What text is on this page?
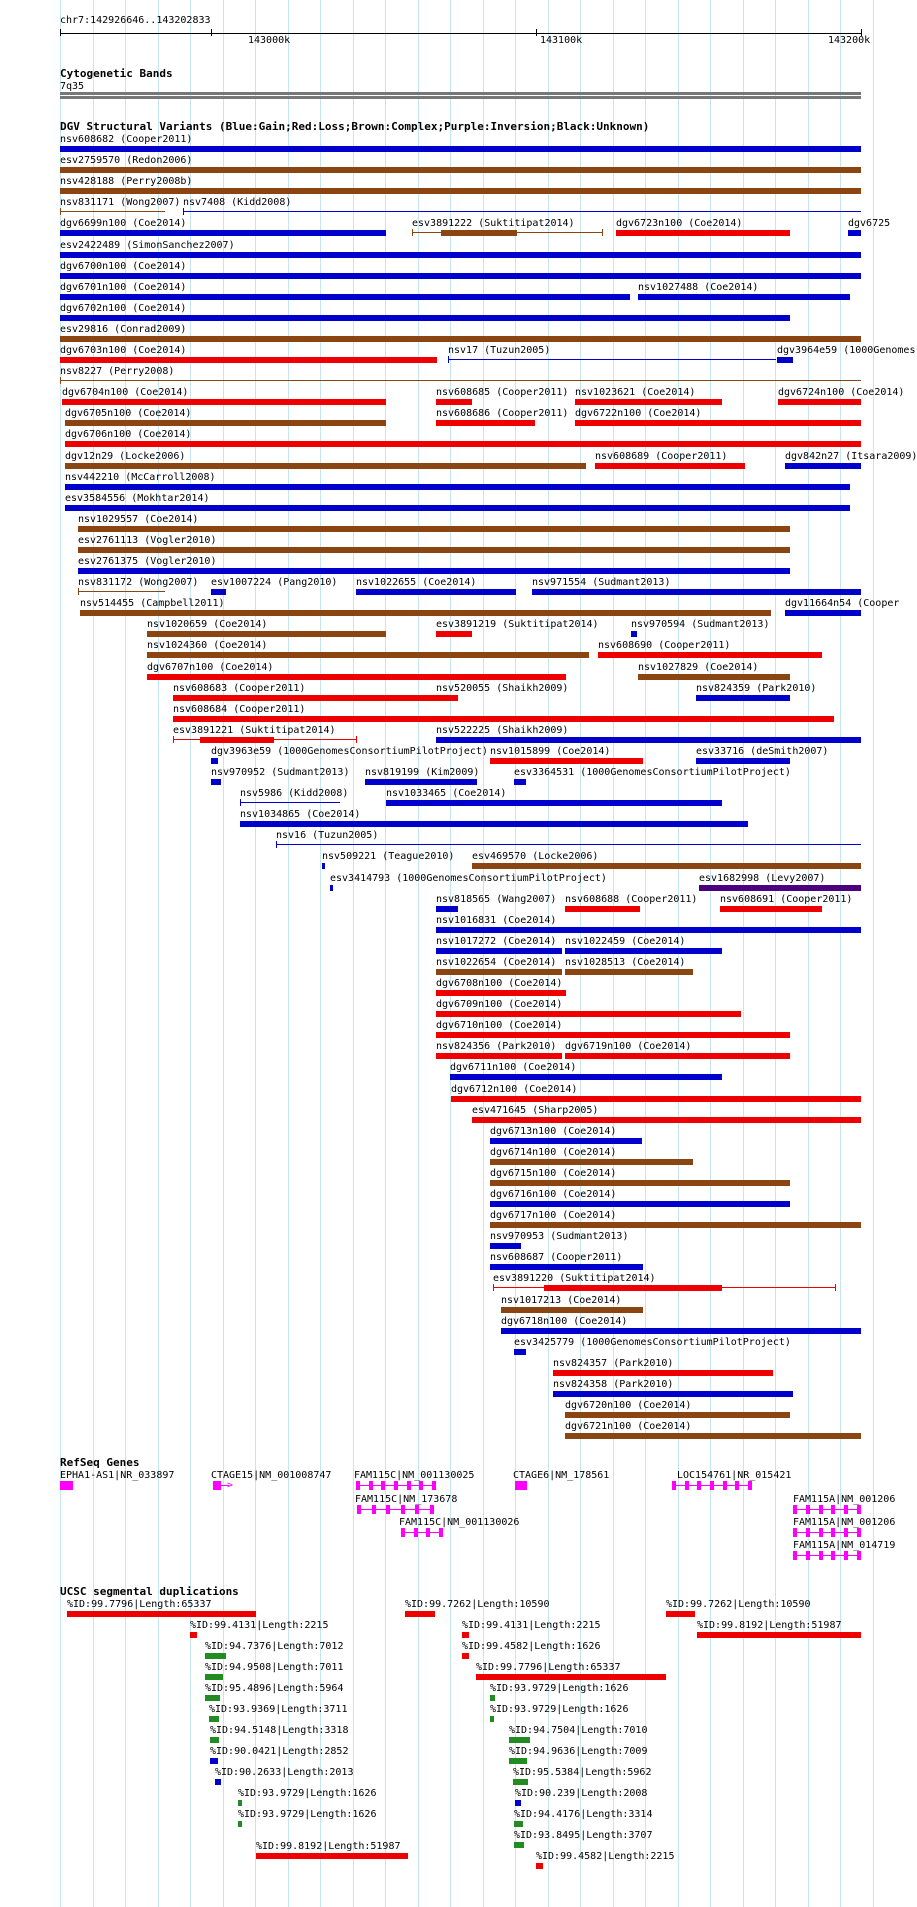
chr7:142926646..143202833
143000k	143100k	143200k
Cytogenetic Bands
7q35
DGV Structural Variants (Blue:Gain;Red:Loss;Brown:Complex;Purple:Inversion;Black:Unknown)
nsv608682 (Cooper2011)
esv2759570 (Redon2006)
nsv428188 (Perry2008b)
nsv831171 (Wong2007) nsv7408 (Kidd2008)
dgv6699n100 (Coe2014)	esv3891222 (Suktitipat2014)	dgv6723n100 (Coe2014)	dgv6725
esv2422489 (SimonSanchez2007)
dgv6700n100 (Coe2014)
dgv6701n100 (Coe2014)	nsv1027488 (Coe2014)
dgv6702n100 (Coe2014)
esv29816 (Conrad2009)
dgv6703n100 (Coe2014)	nsv17 (Tuzun2005)	dgv3964e59 (1000Genomes
nsv8227 (Perry2008)
dgv6704n100 (Coe2014)	nsv608685 (Cooper2011) nsv1023621 (Coe2014)	dgv6724n100 (Coe2014)
dgv6705n100 (Coe2014)	nsv608686 (Cooper2011) dgv6722n100 (Coe2014)
dgv6706n100 (Coe2014)
dgv12n29 (Locke2006)	nsv608689 (Cooper2011)	dgv842n27 (Itsara2009)
nsv442210 (McCarroll2008)
esv3584556 (Mokhtar2014)
nsv1029557 (Coe2014)
esv2761113 (Vogler2010)
esv2761375 (Vogler2010)
nsv831172 (Wong2007) esv1007224 (Pang2010) nsv1022655 (Coe2014)	nsv971554 (Sudmant2013)
nsv514455 (Campbell2011)	dgv11664n54 (Cooper
nsv1020659 (Coe2014)	esv3891219 (Suktitipat2014)	nsv970594 (Sudmant2013)
nsv1024360 (Coe2014)	nsv608690 (Cooper2011)
dgv6707n100 (Coe2014)	nsv1027829 (Coe2014)
nsv608683 (Cooper2011)	nsv520055 (Shaikh2009)	nsv824359 (Park2010)
nsv608684 (Cooper2011)
esv3891221 (Suktitipat2014)	nsv522225 (Shaikh2009)
dgv3963e59 (1000GenomesConsortiumPilotProject) nsv1015899 (Coe2014)	esv33716 (deSmith2007)
nsv970952 (Sudmant2013) nsv819199 (Kim2009)	esv3364531 (1000GenomesConsortiumPilotProject)
nsv5986 (Kidd2008)	nsv1033465 (Coe2014)
nsv1034865 (Coe2014)
nsv16 (Tuzun2005)
nsv509221 (Teague2010) esv469570 (Locke2006)
esv3414793 (1000GenomesConsortiumPilotProject)	esv1682998 (Levy2007)
nsv818565 (Wang2007) nsv608688 (Cooper2011) nsv608691 (Cooper2011)
nsv1016831 (Coe2014)
nsv1017272 (Coe2014) nsv1022459 (Coe2014)
nsv1022654 (Coe2014) nsv1028513 (Coe2014)
dgv6708n100 (Coe2014)
dgv6709n100 (Coe2014)
dgv6710n100 (Coe2014)
nsv824356 (Park2010) dgv6719n100 (Coe2014)
dgv6711n100 (Coe2014)
dgv6712n100 (Coe2014)
esv471645 (Sharp2005)
dgv6713n100 (Coe2014)
dgv6714n100 (Coe2014)
dgv6715n100 (Coe2014)
dgv6716n100 (Coe2014)
dgv6717n100 (Coe2014)
nsv970953 (Sudmant2013)
nsv608687 (Cooper2011)
esv3891220 (Suktitipat2014)
nsv1017213 (Coe2014)
dgv6718n100 (Coe2014)
esv3425779 (1000GenomesConsortiumPilotProject)
nsv824357 (Park2010)
nsv824358 (Park2010)
dgv6720n100 (Coe2014)
dgv6721n100 (Coe2014)
RefSeq Genes
EPHA1-AS1|NR_033897	CTAGE15|NM_001008747
>
FAM115C|NM_001130025
FAM115C|NM_173678
FAM115C|NM_001130026
CTAGE6|NM_178561	LOC154761|NR_015421
FAM115A|NM_001206
FAM115A|NM_001206
FAM115A|NM_014719
UCSC segmental duplications
%ID:99.7796|Length:65337	%ID:99.7262|Length:10590	%ID:99.7262|Length:10590
%ID:99.4131|Length:2215	%ID:99.4131|Length:2215	%ID:99.8192|Length:51987
%ID:94.7376|Length:7012	%ID:99.4582|Length:1626
%ID:94.9508|Length:7011	%ID:99.7796|Length:65337
%ID:95.4896|Length:5964	%ID:93.9729|Length:1626
%ID:93.9369|Length:3711	%ID:93.9729|Length:1626
%ID:94.5148|Length:3318	%ID:94.7504|Length:7010
%ID:90.0421|Length:2852	%ID:94.9636|Length:7009
%ID:90.2633|Length:2013	%ID:95.5384|Length:5962
%ID:93.9729|Length:1626	%ID:90.239|Length:2008
%ID:93.9729|Length:1626	%ID:94.4176|Length:3314
%ID:99.8192|Length:51987
%ID:93.8495|Length:3707
%ID:99.4582|Length:2215
